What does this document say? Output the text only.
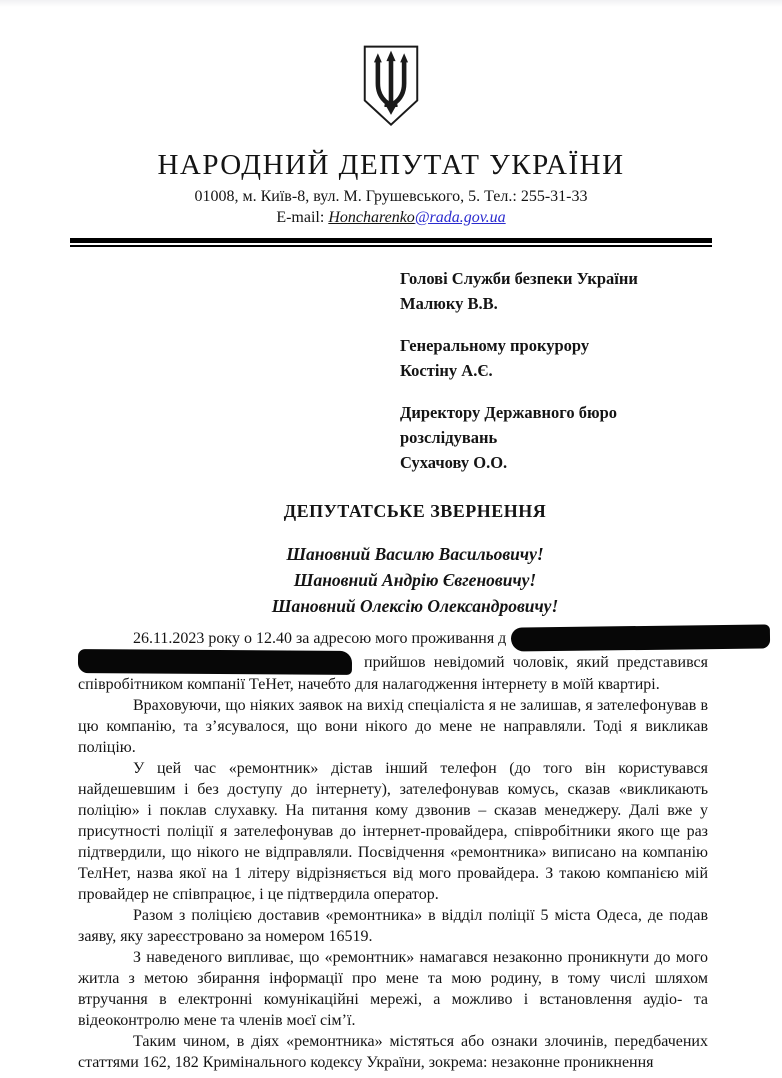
НАРОДНИЙ ДЕПУТАТ УКРАЇНИ
01008, м. Київ-8, вул. М. Грушевського, 5. Тел.: 255-31-33
E-mail: Honcharenko@rada.gov.ua
Голові Служби безпеки України
Малюку В.В.
Генеральному прокурору
Костіну А.Є.
Директору Державного бюро
розслідувань
Сухачову О.О.
ДЕПУТАТСЬКЕ ЗВЕРНЕННЯ
Шановний Василю Васильовичу!
Шановний Андрію Євгеновичу!
Шановний Олексію Олександровичу!
26.11.2023 року о 12.40 за адресою мого проживання д
прийшов невідомий чоловік, який представився
співробітником компанії ТеНет, начебто для налагодження інтернету в моїй квартирі.

Враховуючи, що ніяких заявок на вихід спеціаліста я не залишав, я зателефонував в цю компанію, та з’ясувалося, що вони нікого до мене не направляли. Тоді я викликав поліцію.

У цей час «ремонтник» дістав інший телефон (до того він користувався найдешевшим і без доступу до інтернету), зателефонував комусь, сказав «викликають поліцію» і поклав слухавку. На питання кому дзвонив – сказав менеджеру. Далі вже у присутності поліції я зателефонував до інтернет-провайдера, співробітники якого ще раз підтвердили, що нікого не відправляли. Посвідчення «ремонтника» виписано на компанію ТелНет, назва якої на 1 літеру відрізняється від мого провайдера. З такою компанією мій провайдер не співпрацює, і це підтвердила оператор.

Разом з поліцією доставив «ремонтника» в відділ поліції 5 міста Одеса, де подав заяву, яку зареєстровано за номером 16519.

З наведеного випливає, що «ремонтник» намагався незаконно проникнути до мого житла з метою збирання інформації про мене та мою родину, в тому числі шляхом втручання в електронні комунікаційні мережі, а можливо і встановлення аудіо- та відеоконтролю мене та членів моєї сім’ї.

Таким чином, в діях «ремонтника» містяться або ознаки злочинів, передбачених статтями 162, 182 Кримінального кодексу України, зокрема: незаконне проникнення
